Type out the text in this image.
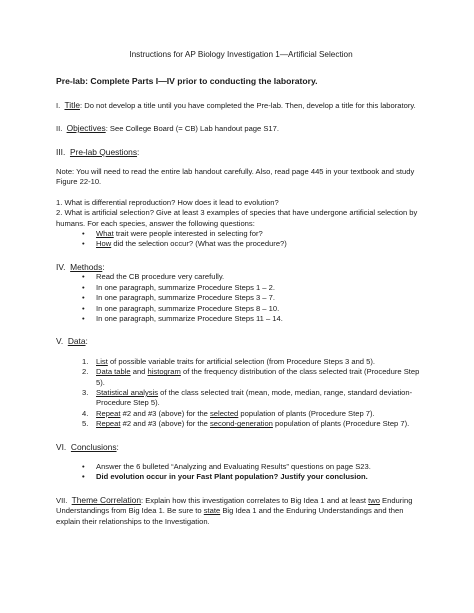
Instructions for AP Biology Investigation 1—Artificial Selection
Pre-lab: Complete Parts I—IV prior to conducting the laboratory.

I. Title: Do not develop a title until you have completed the Pre-lab. Then, develop a title for this laboratory.

II. Objectives: See College Board (= CB) Lab handout page S17.

III. Pre-lab Questions:

Note: You will need to read the entire lab handout carefully. Also, read page 445 in your textbook and study Figure 22-10.

1. What is differential reproduction? How does it lead to evolution?

2. What is artificial selection? Give at least 3 examples of species that have undergone artificial selection by humans. For each species, answer the following questions:

• What trait were people interested in selecting for?
• How did the selection occur? (What was the procedure?)

IV. Methods:

• Read the CB procedure very carefully.
• In one paragraph, summarize Procedure Steps 1 – 2.
• In one paragraph, summarize Procedure Steps 3 – 7.
• In one paragraph, summarize Procedure Steps 8 – 10.
• In one paragraph, summarize Procedure Steps 11 – 14.

V. Data:

1. List of possible variable traits for artificial selection (from Procedure Steps 3 and 5).
2. Data table and histogram of the frequency distribution of the class selected trait (Procedure Step 5).
3. Statistical analysis of the class selected trait (mean, mode, median, range, standard deviation-Procedure Step 5).
4. Repeat #2 and #3 (above) for the selected population of plants (Procedure Step 7).
5. Repeat #2 and #3 (above) for the second-generation population of plants (Procedure Step 7).

VI. Conclusions:

• Answer the 6 bulleted “Analyzing and Evaluating Results” questions on page S23.
• Did evolution occur in your Fast Plant population? Justify your conclusion.

VII. Theme Correlation: Explain how this investigation correlates to Big Idea 1 and at least two Enduring Understandings from Big Idea 1. Be sure to state Big Idea 1 and the Enduring Understandings and then explain their relationships to the Investigation.
